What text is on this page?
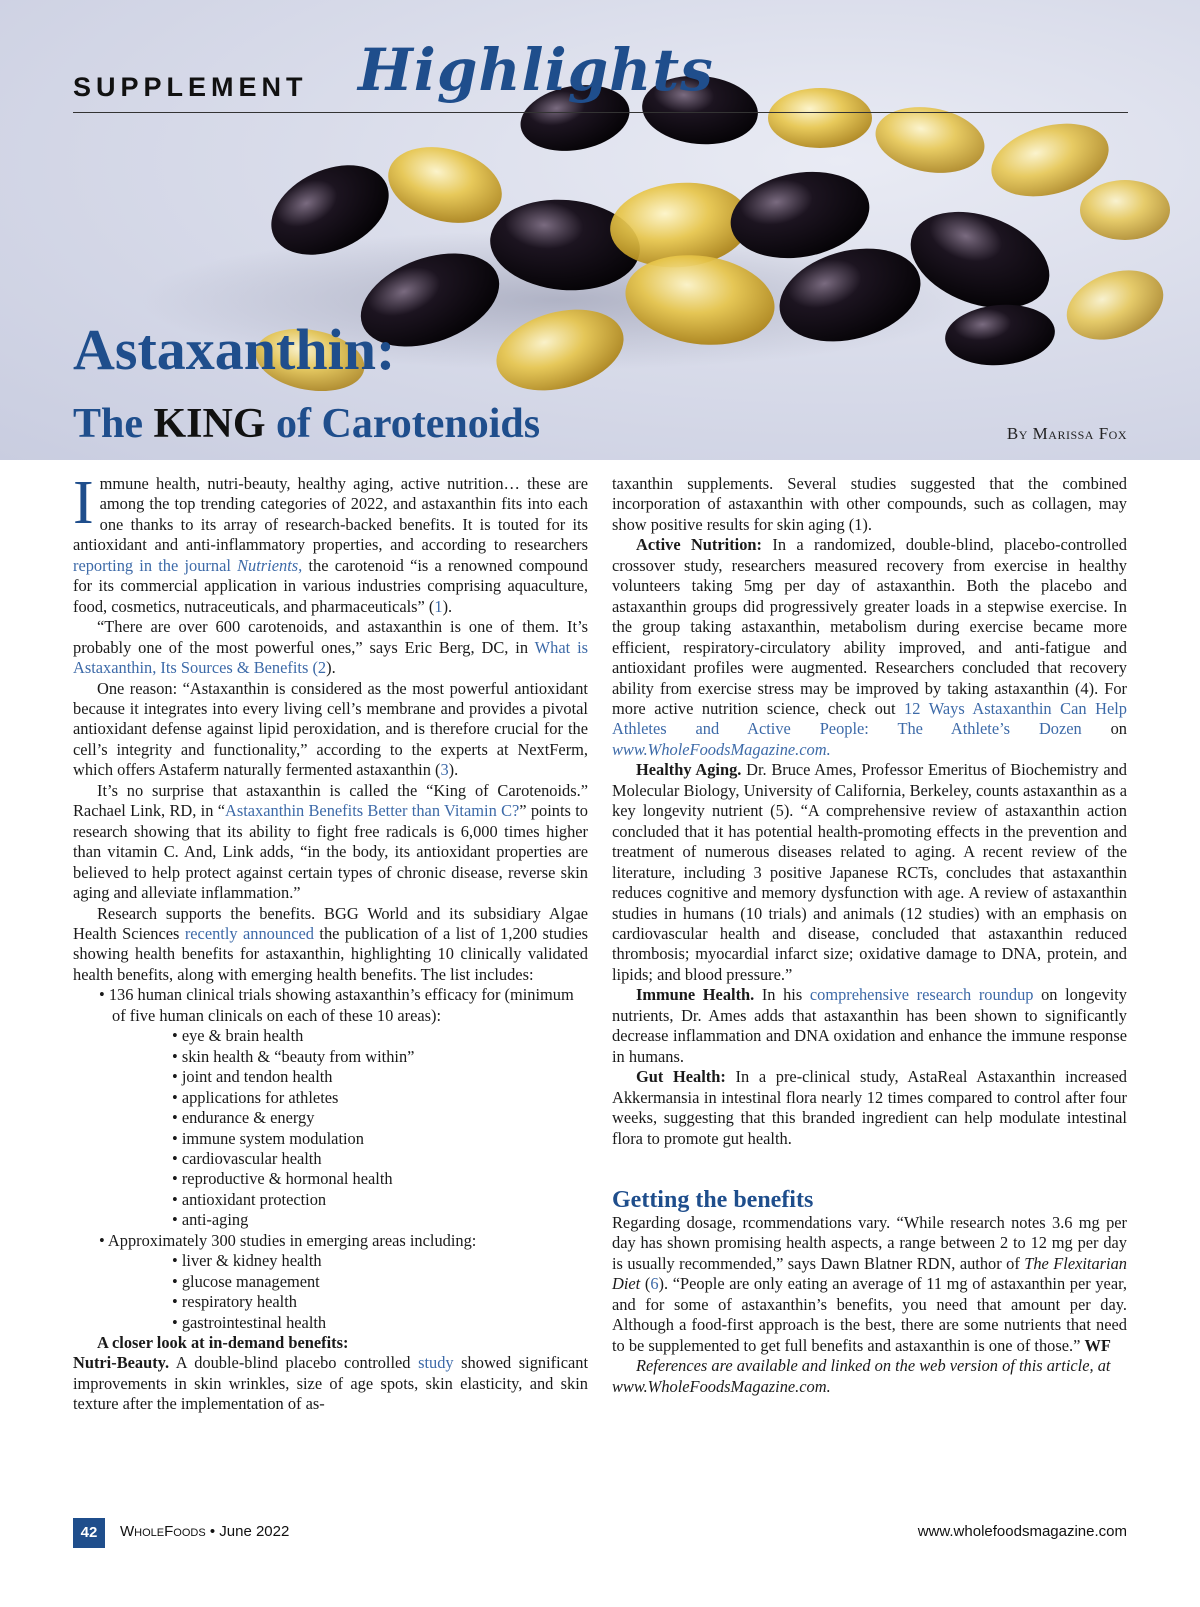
SUPPLEMENT Highlights
Astaxanthin:
The KING of Carotenoids	By Marissa Fox

Immune health, nutri-beauty, healthy aging, active nutrition… these are among the top trending categories of 2022, and astaxanthin fits into each one thanks to its array of research-backed benefits. It is touted for its antioxidant and anti-inflammatory properties, and according to researchers reporting in the journal Nutrients, the carotenoid “is a renowned compound for its commercial application in various industries comprising aquaculture, food, cosmetics, nutraceuticals, and pharmaceuticals” (1).

“There are over 600 carotenoids, and astaxanthin is one of them. It’s probably one of the most powerful ones,” says Eric Berg, DC, in What is Astaxanthin, Its Sources & Benefits (2).

One reason: “Astaxanthin is considered as the most powerful antioxidant because it integrates into every living cell’s membrane and provides a pivotal antioxidant defense against lipid peroxidation, and is therefore crucial for the cell’s integrity and functionality,” according to the experts at NextFerm, which offers Astaferm naturally fermented astaxanthin (3).

It’s no surprise that astaxanthin is called the “King of Carotenoids.” Rachael Link, RD, in “Astaxanthin Benefits Better than Vitamin C?” points to research showing that its ability to fight free radicals is 6,000 times higher than vitamin C. And, Link adds, “in the body, its antioxidant properties are believed to help protect against certain types of chronic disease, reverse skin aging and alleviate inflammation.”

Research supports the benefits. BGG World and its subsidiary Algae Health Sciences recently announced the publication of a list of 1,200 studies showing health benefits for astaxanthin, highlighting 10 clinically validated health benefits, along with emerging health benefits. The list includes:

• 136 human clinical trials showing astaxanthin’s efficacy for (minimum of five human clinicals on each of these 10 areas):
• eye & brain health
• skin health & “beauty from within”
• joint and tendon health
• applications for athletes
• endurance & energy
• immune system modulation
• cardiovascular health
• reproductive & hormonal health
• antioxidant protection
• anti-aging
• Approximately 300 studies in emerging areas including:
• liver & kidney health
• glucose management
• respiratory health
• gastrointestinal health

A closer look at in-demand benefits:

Nutri-Beauty. A double-blind placebo controlled study showed significant improvements in skin wrinkles, size of age spots, skin elasticity, and skin texture after the implementation of as-

taxanthin supplements. Several studies suggested that the combined incorporation of astaxanthin with other compounds, such as collagen, may show positive results for skin aging (1).

Active Nutrition: In a randomized, double-blind, placebo-controlled crossover study, researchers measured recovery from exercise in healthy volunteers taking 5mg per day of astaxanthin. Both the placebo and astaxanthin groups did progressively greater loads in a stepwise exercise. In the group taking astaxanthin, metabolism during exercise became more efficient, respiratory-circulatory ability improved, and anti-fatigue and antioxidant profiles were augmented. Researchers concluded that recovery ability from exercise stress may be improved by taking astaxanthin (4). For more active nutrition science, check out 12 Ways Astaxanthin Can Help Athletes and Active People: The Athlete’s Dozen on www.WholeFoodsMagazine.com.

Healthy Aging. Dr. Bruce Ames, Professor Emeritus of Biochemistry and Molecular Biology, University of California, Berkeley, counts astaxanthin as a key longevity nutrient (5). “A comprehensive review of astaxanthin action concluded that it has potential health-promoting effects in the prevention and treatment of numerous diseases related to aging. A recent review of the literature, including 3 positive Japanese RCTs, concludes that astaxanthin reduces cognitive and memory dysfunction with age. A review of astaxanthin studies in humans (10 trials) and animals (12 studies) with an emphasis on cardiovascular health and disease, concluded that astaxanthin reduced thrombosis; myocardial infarct size; oxidative damage to DNA, protein, and lipids; and blood pressure.”

Immune Health. In his comprehensive research roundup on longevity nutrients, Dr. Ames adds that astaxanthin has been shown to significantly decrease inflammation and DNA oxidation and enhance the immune response in humans.

Gut Health: In a pre-clinical study, AstaReal Astaxanthin increased Akkermansia in intestinal flora nearly 12 times compared to control after four weeks, suggesting that this branded ingredient can help modulate intestinal flora to promote gut health.

Getting the benefits

Regarding dosage, rcommendations vary. “While research notes 3.6 mg per day has shown promising health aspects, a range between 2 to 12 mg per day is usually recommended,” says Dawn Blatner RDN, author of The Flexitarian Diet (6). “People are only eating an average of 11 mg of astaxanthin per year, and for some of astaxanthin’s benefits, you need that amount per day. Although a food-first approach is the best, there are some nutrients that need to be supplemented to get full benefits and astaxanthin is one of those.” WF

References are available and linked on the web version of this article, at www.WholeFoodsMagazine.com.

42	WholeFoods • June 2022	www.wholefoodsmagazine.com
